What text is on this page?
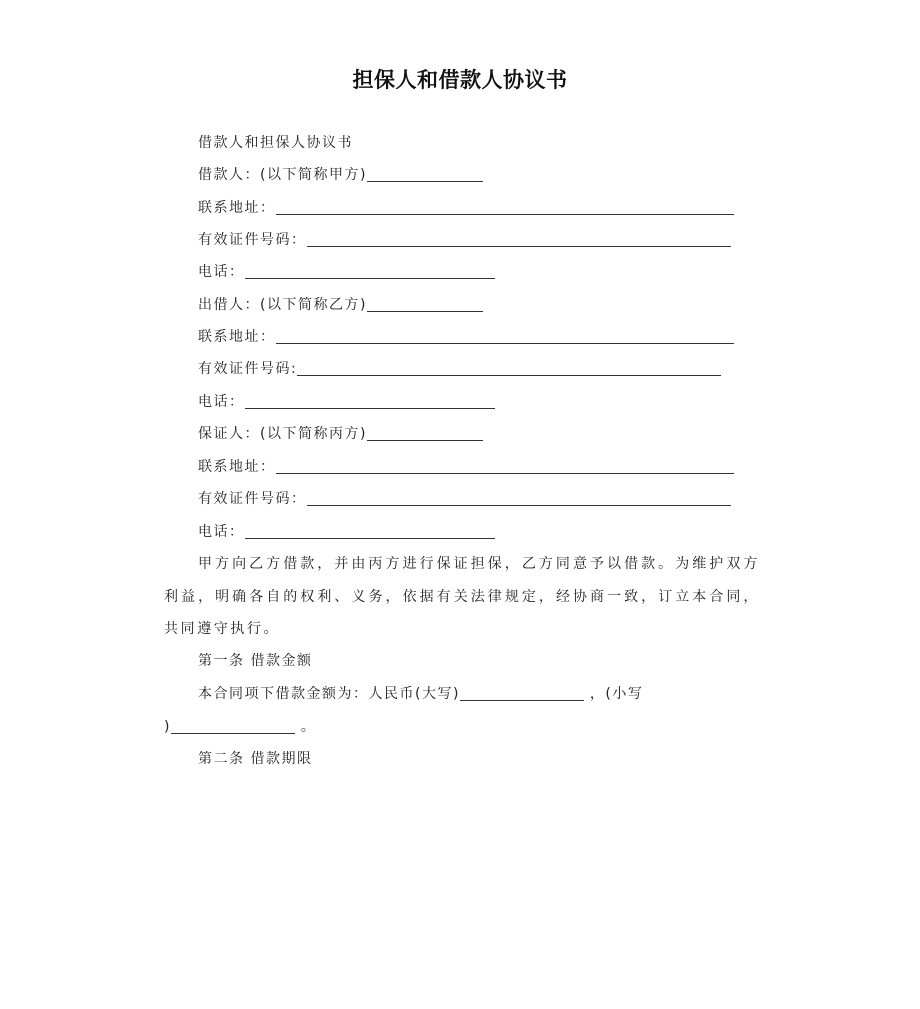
担保人和借款人协议书
借款人和担保人协议书
借款人：(以下简称甲方)
联系地址：
有效证件号码：
电话：
出借人：(以下简称乙方)
联系地址：
有效证件号码:
电话：
保证人：(以下简称丙方)
联系地址：
有效证件号码：
电话：

甲方向乙方借款，并由丙方进行保证担保，乙方同意予以借款。为维护双方利益，明确各自的权利、义务，依据有关法律规定，经协商一致，订立本合同，共同遵守执行。

第一条 借款金额
本合同项下借款金额为：人民币(大写)	，(小写
)	。
第二条 借款期限
